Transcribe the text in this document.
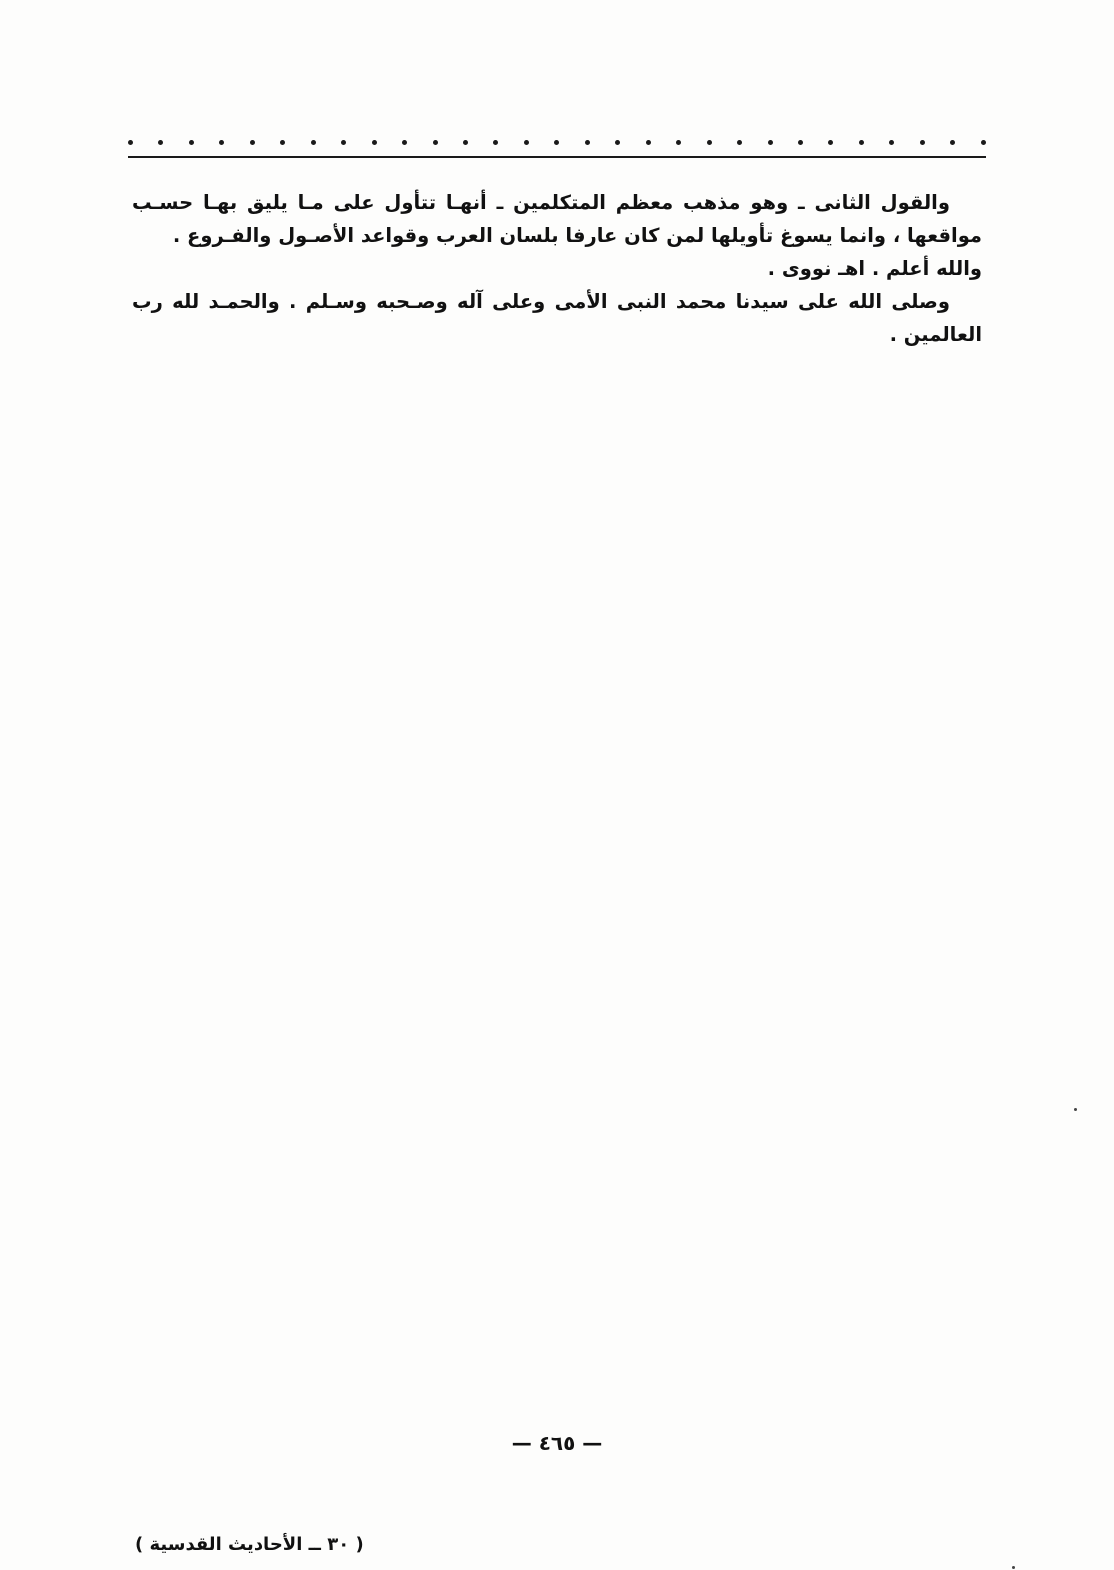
والقول الثانى ـ وهو مذهب معظم المتكلمين ـ أنهـا تتأول على مـا يليق بهـا حسـب مواقعها ، وانما يسوغ تأويلها لمن كان عارفا بلسان العرب وقواعد الأصـول والفـروع .

والله أعلم . اهـ نووى .

وصلى الله على سيدنا محمد النبى الأمى وعلى آله وصـحبه وسـلم . والحمـد لله رب العالمين .

— ٤٦٥ —
( ٣٠ ــ الأحاديث القدسية )
